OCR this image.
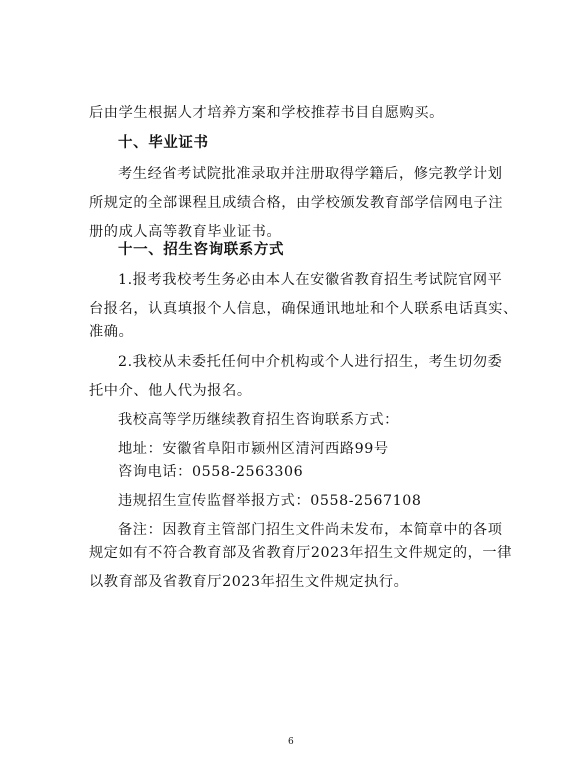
后由学生根据人才培养方案和学校推荐书目自愿购买。
十、毕业证书
考生经省考试院批准录取并注册取得学籍后，修完教学计划
所规定的全部课程且成绩合格，由学校颁发教育部学信网电子注
册的成人高等教育毕业证书。
十一、招生咨询联系方式
1.报考我校考生务必由本人在安徽省教育招生考试院官网平
台报名，认真填报个人信息，确保通讯地址和个人联系电话真实、
准确。
2.我校从未委托任何中介机构或个人进行招生，考生切勿委
托中介、他人代为报名。
我校高等学历继续教育招生咨询联系方式：
地址：安徽省阜阳市颍州区清河西路99号
咨询电话：0558-2563306
违规招生宣传监督举报方式：0558-2567108
备注：因教育主管部门招生文件尚未发布，本简章中的各项
规定如有不符合教育部及省教育厅2023年招生文件规定的，一律
以教育部及省教育厅2023年招生文件规定执行。
6
